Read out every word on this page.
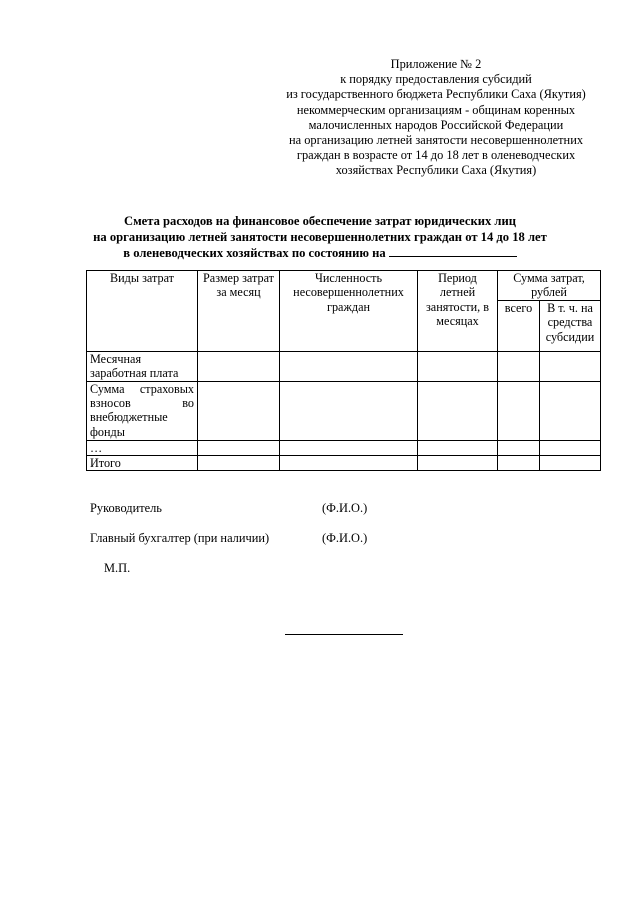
Приложение № 2
к порядку предоставления субсидий
из государственного бюджета Республики Саха (Якутия)
некоммерческим организациям - общинам коренных
малочисленных народов Российской Федерации
на организацию летней занятости несовершеннолетних
граждан в возрасте от 14 до 18 лет в оленеводческих
хозяйствах Республики Саха (Якутия)
Смета расходов на финансовое обеспечение затрат юридических лиц
на организацию летней занятости несовершеннолетних граждан от 14 до 18 лет
в оленеводческих хозяйствах по состоянию на
Виды затрат	Размер затрат за месяц	Численность несовершеннолетних граждан	Период летней занятости, в месяцах	Сумма затрат, рублей	
				всего	В т. ч. на средства субсидии
Месячная заработная плата					
Сумма страховых взносов во внебюджетные фонды					
…					
Итого					
Руководитель	(Ф.И.О.)
Главный бухгалтер (при наличии)	(Ф.И.О.)
М.П.
